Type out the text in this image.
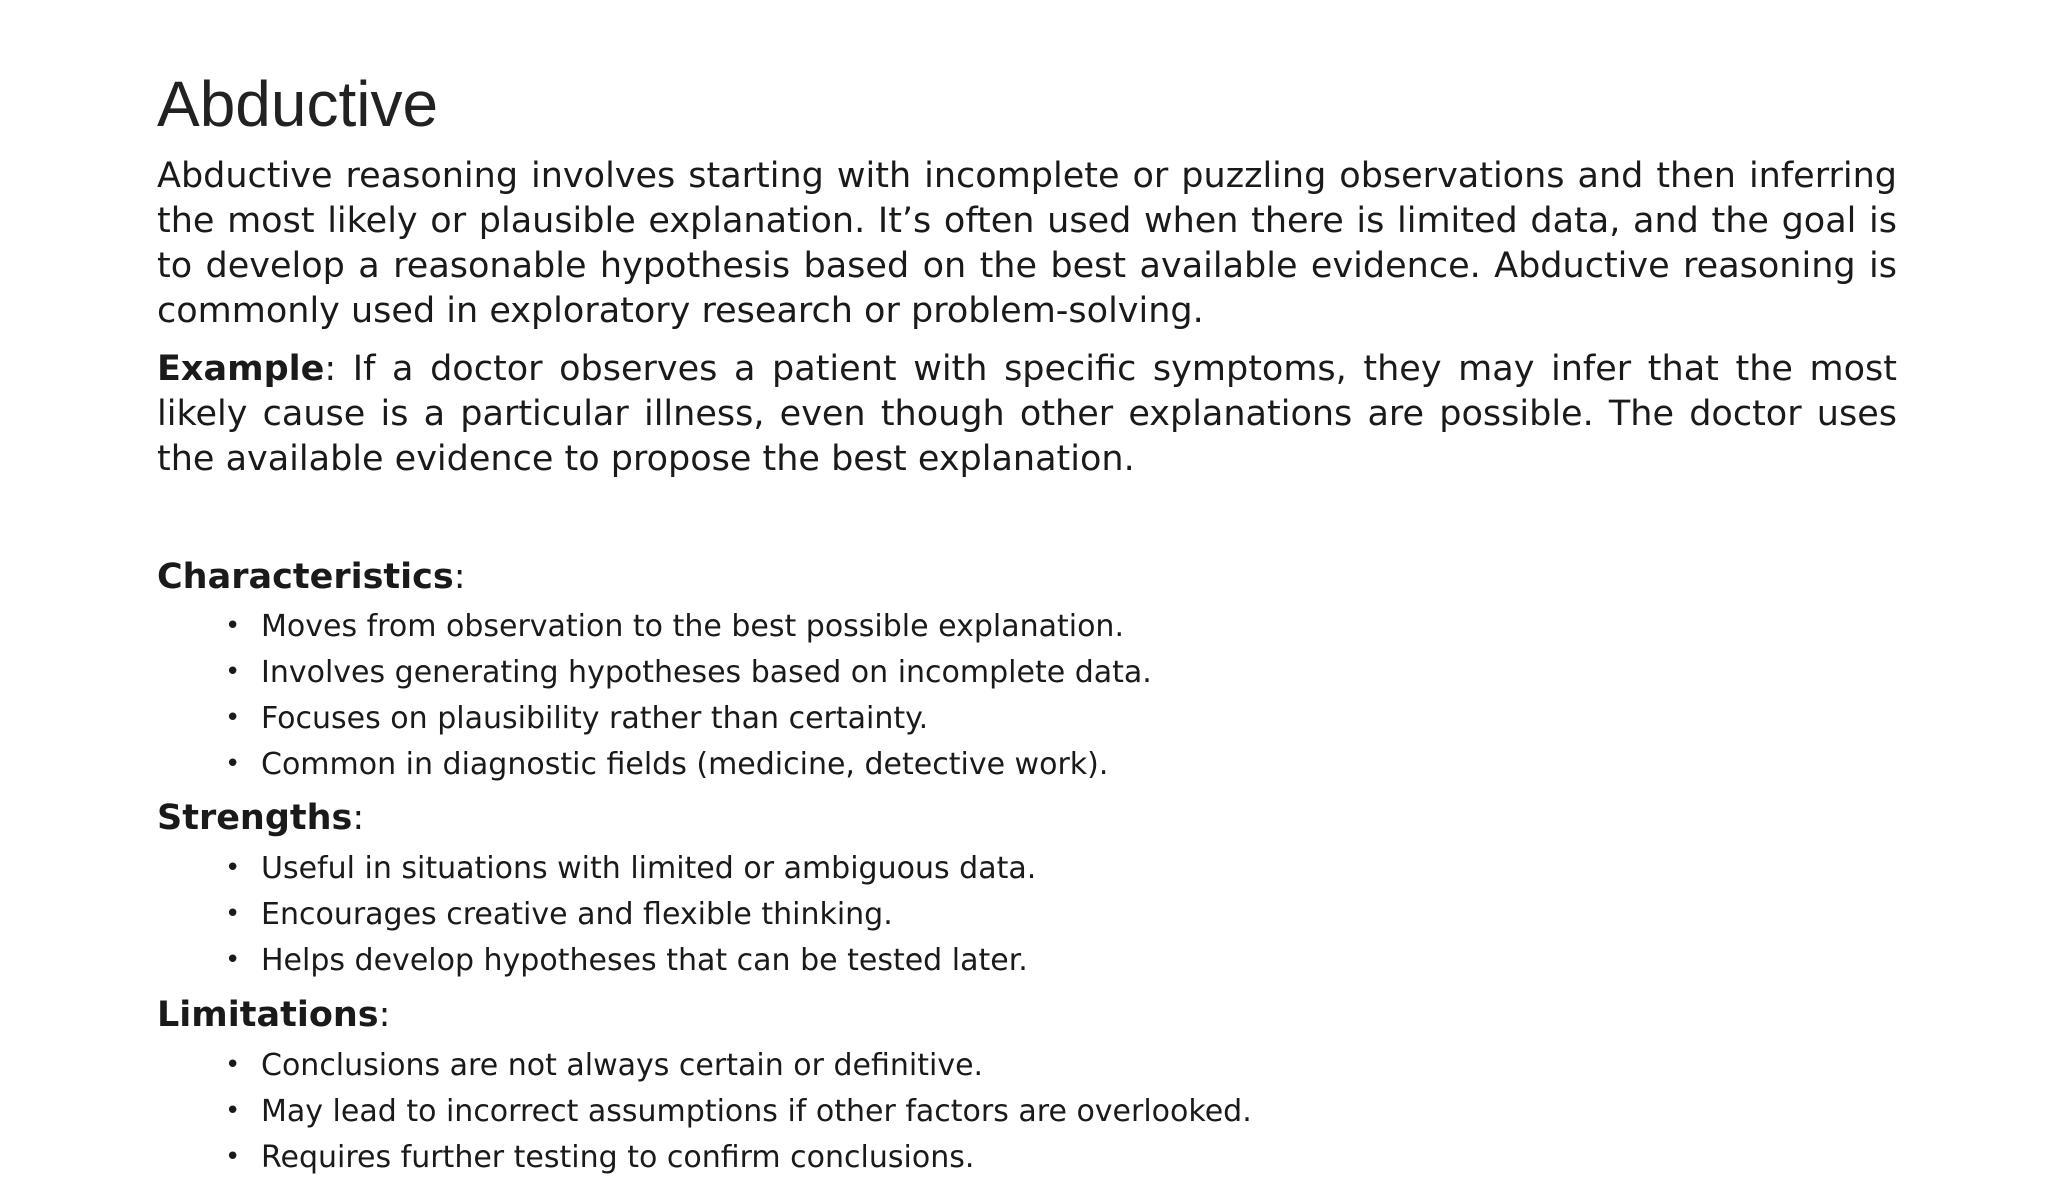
Abductive

Abductive reasoning involves starting with incomplete or puzzling observations and then inferring the most likely or plausible explanation. It’s often used when there is limited data, and the goal is to develop a reasonable hypothesis based on the best available evidence. Abductive reasoning is commonly used in exploratory research or problem-solving.

Example: If a doctor observes a patient with specific symptoms, they may infer that the most likely cause is a particular illness, even though other explanations are possible. The doctor uses the available evidence to propose the best explanation.

Characteristics:
• Moves from observation to the best possible explanation.
• Involves generating hypotheses based on incomplete data.
• Focuses on plausibility rather than certainty.
• Common in diagnostic fields (medicine, detective work).
Strengths:
• Useful in situations with limited or ambiguous data.
• Encourages creative and flexible thinking.
• Helps develop hypotheses that can be tested later.
Limitations:
• Conclusions are not always certain or definitive.
• May lead to incorrect assumptions if other factors are overlooked.
• Requires further testing to confirm conclusions.
